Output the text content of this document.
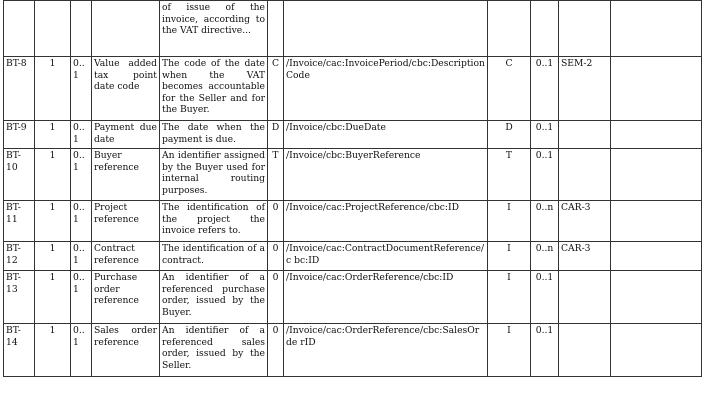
				of issue of the invoice, according to the VAT directive...						
BT-8	1	0..1	Value added tax point date code	The code of the date when the VAT becomes accountable for the Seller and for the Buyer.	C	/Invoice/cac:InvoicePeriod/cbc:Description Code	C	0..1	SEM-2	
BT-9	1	0..1	Payment due date	The date when the payment is due.	D	/Invoice/cbc:DueDate	D	0..1		
BT-10	1	0..1	Buyer reference	An identifier assigned by the Buyer used for internal routing purposes.	T	/Invoice/cbc:BuyerReference	T	0..1		
BT-11	1	0..1	Project reference	The identification of the project the invoice refers to.	0	/Invoice/cac:ProjectReference/cbc:ID	I	0..n	CAR-3	
BT-12	1	0..1	Contract reference	The identification of a contract.	0	/Invoice/cac:ContractDocumentReference/c bc:ID	I	0..n	CAR-3	
BT-13	1	0..1	Purchase order reference	An identifier of a referenced purchase order, issued by the Buyer.	0	/Invoice/cac:OrderReference/cbc:ID	I	0..1		
BT-14	1	0..1	Sales order reference	An identifier of a referenced sales order, issued by the Seller.	0	/Invoice/cac:OrderReference/cbc:SalesOrde rID	I	0..1		
